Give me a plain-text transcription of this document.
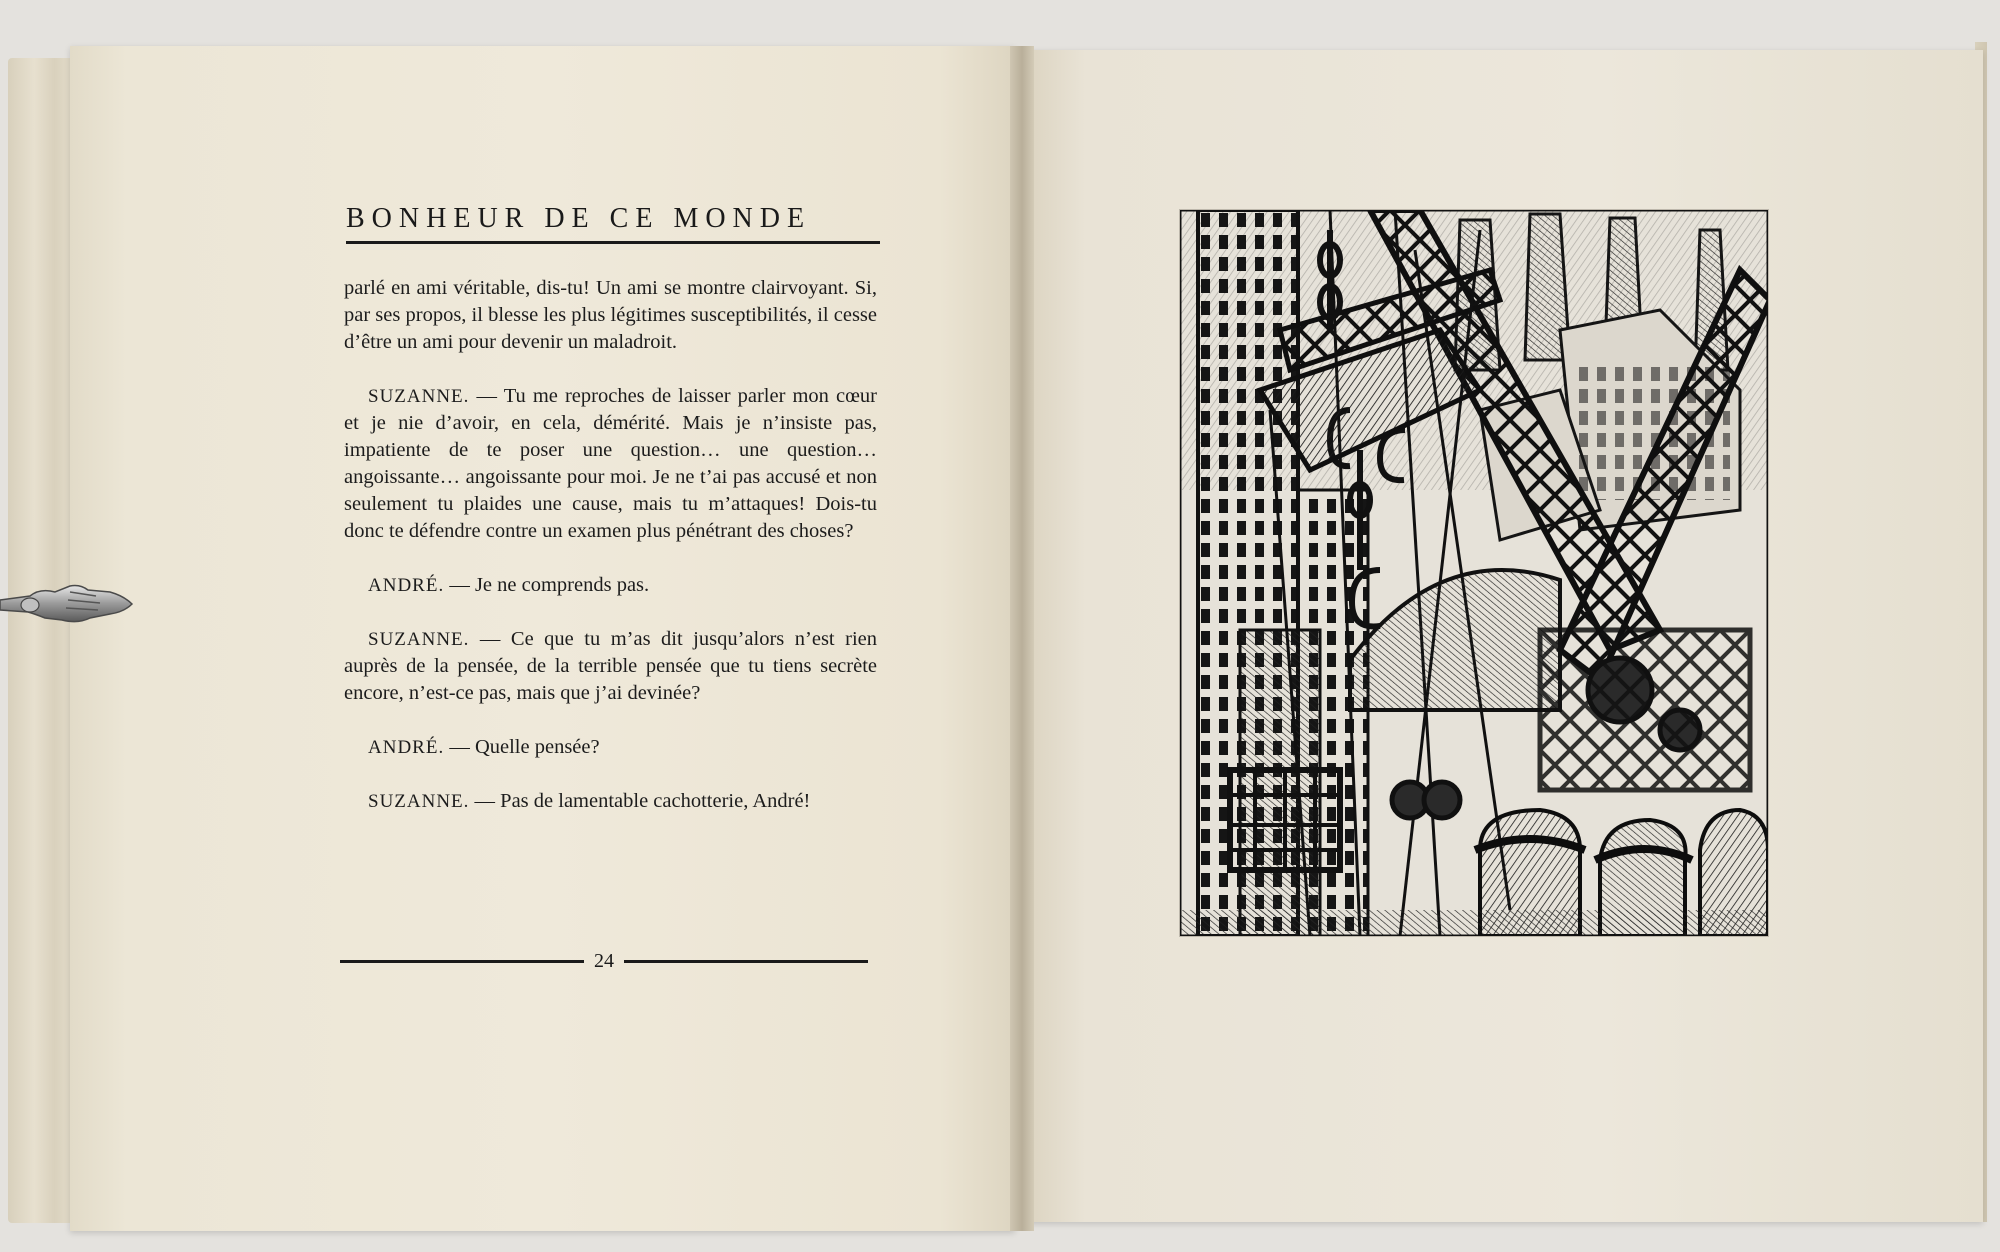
BONHEUR DE CE MONDE

parlé en ami véritable, dis-tu! Un ami se montre clairvoyant. Si, par ses propos, il blesse les plus légitimes susceptibilités, il cesse d’être un ami pour devenir un maladroit.

SUZANNE. — Tu me reproches de laisser parler mon cœur et je nie d’avoir, en cela, démérité. Mais je n’insiste pas, impatiente de te poser une question… une question… angoissante… angoissante pour moi. Je ne t’ai pas accusé et non seulement tu plaides une cause, mais tu m’attaques! Dois-tu donc te défendre contre un examen plus pénétrant des choses?

ANDRÉ. — Je ne comprends pas.

SUZANNE. — Ce que tu m’as dit jusqu’alors n’est rien auprès de la pensée, de la terrible pensée que tu tiens secrète encore, n’est-ce pas, mais que j’ai devinée?

ANDRÉ. — Quelle pensée?

SUZANNE. — Pas de lamentable cachotterie, André!

24
